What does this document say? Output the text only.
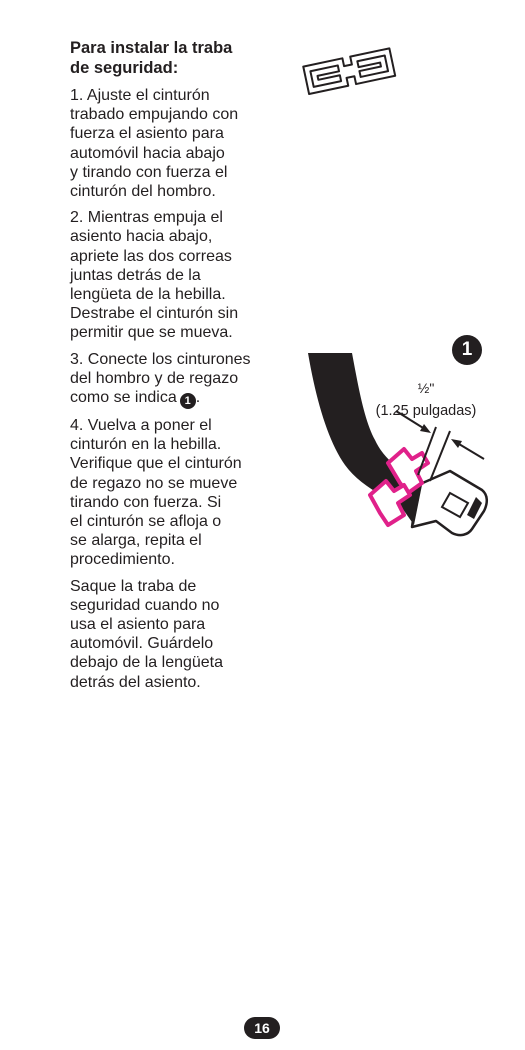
Para instalar la traba
de seguridad:
1. Ajuste el cinturón
trabado empujando con
fuerza el asiento para
automóvil hacia abajo
y tirando con fuerza el
cinturón del hombro.
2. Mientras empuja el
asiento hacia abajo,
apriete las dos correas
juntas detrás de la
lengüeta de la hebilla.
Destrabe el cinturón sin
permitir que se mueva.
3. Conecte los cinturones
del hombro y de regazo
como se indica 1 .
4. Vuelva a poner el
cinturón en la hebilla.
Verifique que el cinturón
de regazo no se mueve
tirando con fuerza. Si
el cinturón se afloja o
se alarga, repita el
procedimiento.
Saque la traba de
seguridad cuando no
usa el asiento para
automóvil. Guárdelo
debajo de la lengüeta
detrás del asiento.
1
½"
(1.25 pulgadas)
16
